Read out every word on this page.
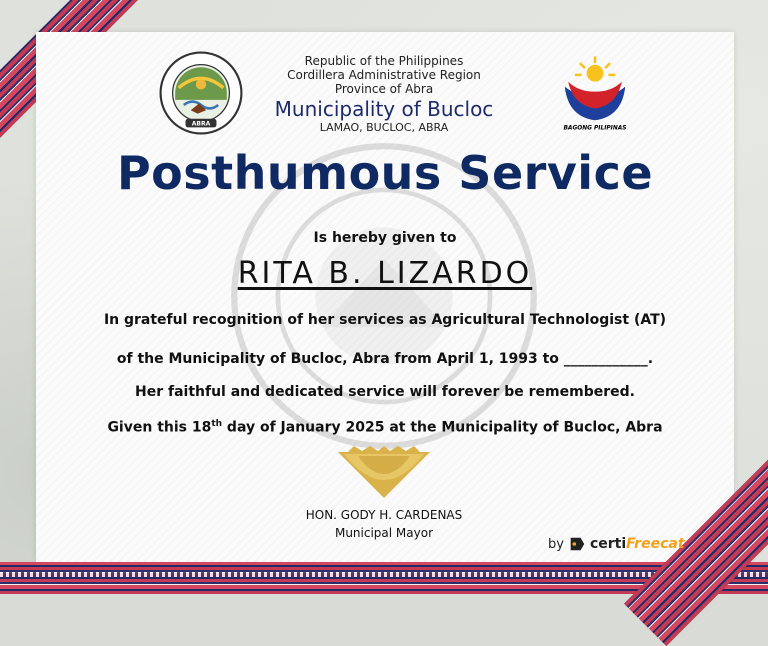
ABRA
Republic of the Philippines
Cordillera Administrative Region
Province of Abra
Municipality of Bucloc
LAMAO, BUCLOC, ABRA	BAGONG PILIPINAS
Posthumous Service
Is hereby given to
RITA B. LIZARDO
In grateful recognition of her services as Agricultural Technologist (AT)
of the Municipality of Bucloc, Abra from April 1, 1993 to ____________.
Her faithful and dedicated service will forever be remembered.
Given this 18th day of January 2025 at the Municipality of Bucloc, Abra
HON. GODY H. CARDENAS
Municipal Mayor
by certiFreecat
